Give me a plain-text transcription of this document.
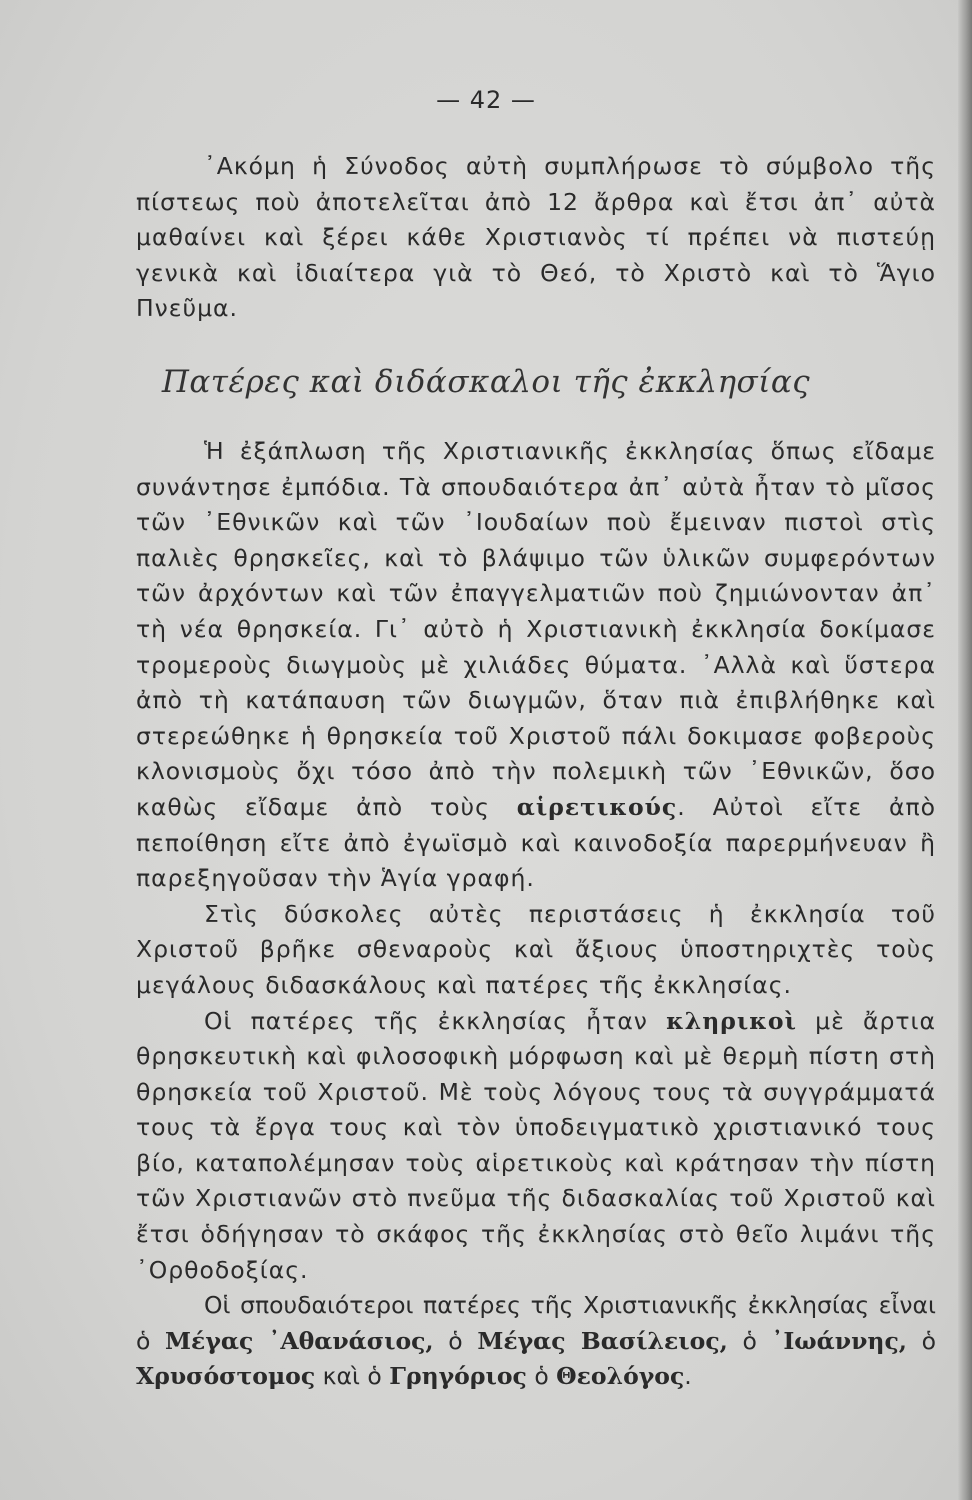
— 42 —

᾿Ακόμη ἡ Σύνοδος αὐτὴ συμπλήρωσε τὸ σύμβολο τῆς πίστεως ποὺ ἀποτελεῖται ἀπὸ 12 ἄρθρα καὶ ἔτσι ἀπ᾿ αὐτὰ μαθαίνει καὶ ξέρει κάθε Χριστιανὸς τί πρέπει νὰ πιστεύῃ γενικὰ καὶ ἰδιαίτερα γιὰ τὸ Θεό, τὸ Χριστὸ καὶ τὸ Ἅγιο Πνεῦμα.

Πατέρες καὶ διδάσκαλοι τῆς ἐκκλησίας

Ἡ ἐξάπλωση τῆς Χριστιανικῆς ἐκκλησίας ὅπως εἴδαμε συνάντησε ἐμπόδια. Τὰ σπουδαιότερα ἀπ᾿ αὐτὰ ἦταν τὸ μῖσος τῶν ᾿Εθνικῶν καὶ τῶν ᾿Ιουδαίων ποὺ ἔμειναν πιστοὶ στὶς παλιὲς θρησκεῖες, καὶ τὸ βλάψιμο τῶν ὑλικῶν συμφερόντων τῶν ἀρχόντων καὶ τῶν ἐπαγγελματιῶν ποὺ ζημιώνονταν ἀπ᾿ τὴ νέα θρησκεία. Γι᾿ αὐτὸ ἡ Χριστιανικὴ ἐκκλησία δοκίμασε τρομεροὺς διωγμοὺς μὲ χιλιάδες θύματα. ᾿Αλλὰ καὶ ὕστερα ἀπὸ τὴ κατάπαυση τῶν διωγμῶν, ὅταν πιὰ ἐπιβλήθηκε καὶ στερεώθηκε ἡ θρησκεία τοῦ Χριστοῦ πάλι δοκιμασε φοβεροὺς κλονισμοὺς ὄχι τόσο ἀπὸ τὴν πολεμικὴ τῶν ᾿Εθνικῶν, ὅσο καθὼς εἴδαμε ἀπὸ τοὺς αἱρετικούς. Αὐτοὶ εἴτε ἀπὸ πεποίθηση εἴτε ἀπὸ ἐγωϊσμὸ καὶ καινοδοξία παρερμήνευαν ἢ παρεξηγοῦσαν τὴν Ἁγία γραφή.

Στὶς δύσκολες αὐτὲς περιστάσεις ἡ ἐκκλησία τοῦ Χριστοῦ βρῆκε σθεναροὺς καὶ ἄξιους ὑποστηριχτὲς τοὺς μεγάλους διδασκάλους καὶ πατέρες τῆς ἐκκλησίας.

Οἱ πατέρες τῆς ἐκκλησίας ἦταν κληρικοὶ μὲ ἄρτια θρησκευτικὴ καὶ φιλοσοφικὴ μόρφωση καὶ μὲ θερμὴ πίστη στὴ θρησκεία τοῦ Χριστοῦ. Μὲ τοὺς λόγους τους τὰ συγγράμματά τους τὰ ἔργα τους καὶ τὸν ὑποδειγματικὸ χριστιανικό τους βίο, καταπολέμησαν τοὺς αἱρετικοὺς καὶ κράτησαν τὴν πίστη τῶν Χριστιανῶν στὸ πνεῦμα τῆς διδασκαλίας τοῦ Χριστοῦ καὶ ἔτσι ὁδήγησαν τὸ σκάφος τῆς ἐκκλησίας στὸ θεῖο λιμάνι τῆς ᾿Ορθοδοξίας.

Οἱ σπουδαιότεροι πατέρες τῆς Χριστιανικῆς ἐκκλησίας εἶναι ὁ Μέγας ᾿Αθανάσιος, ὁ Μέγας Βασίλειος, ὁ ᾿Ιωάννης, ὁ Χρυσόστομος καὶ ὁ Γρηγόριος ὁ Θεολόγος.
